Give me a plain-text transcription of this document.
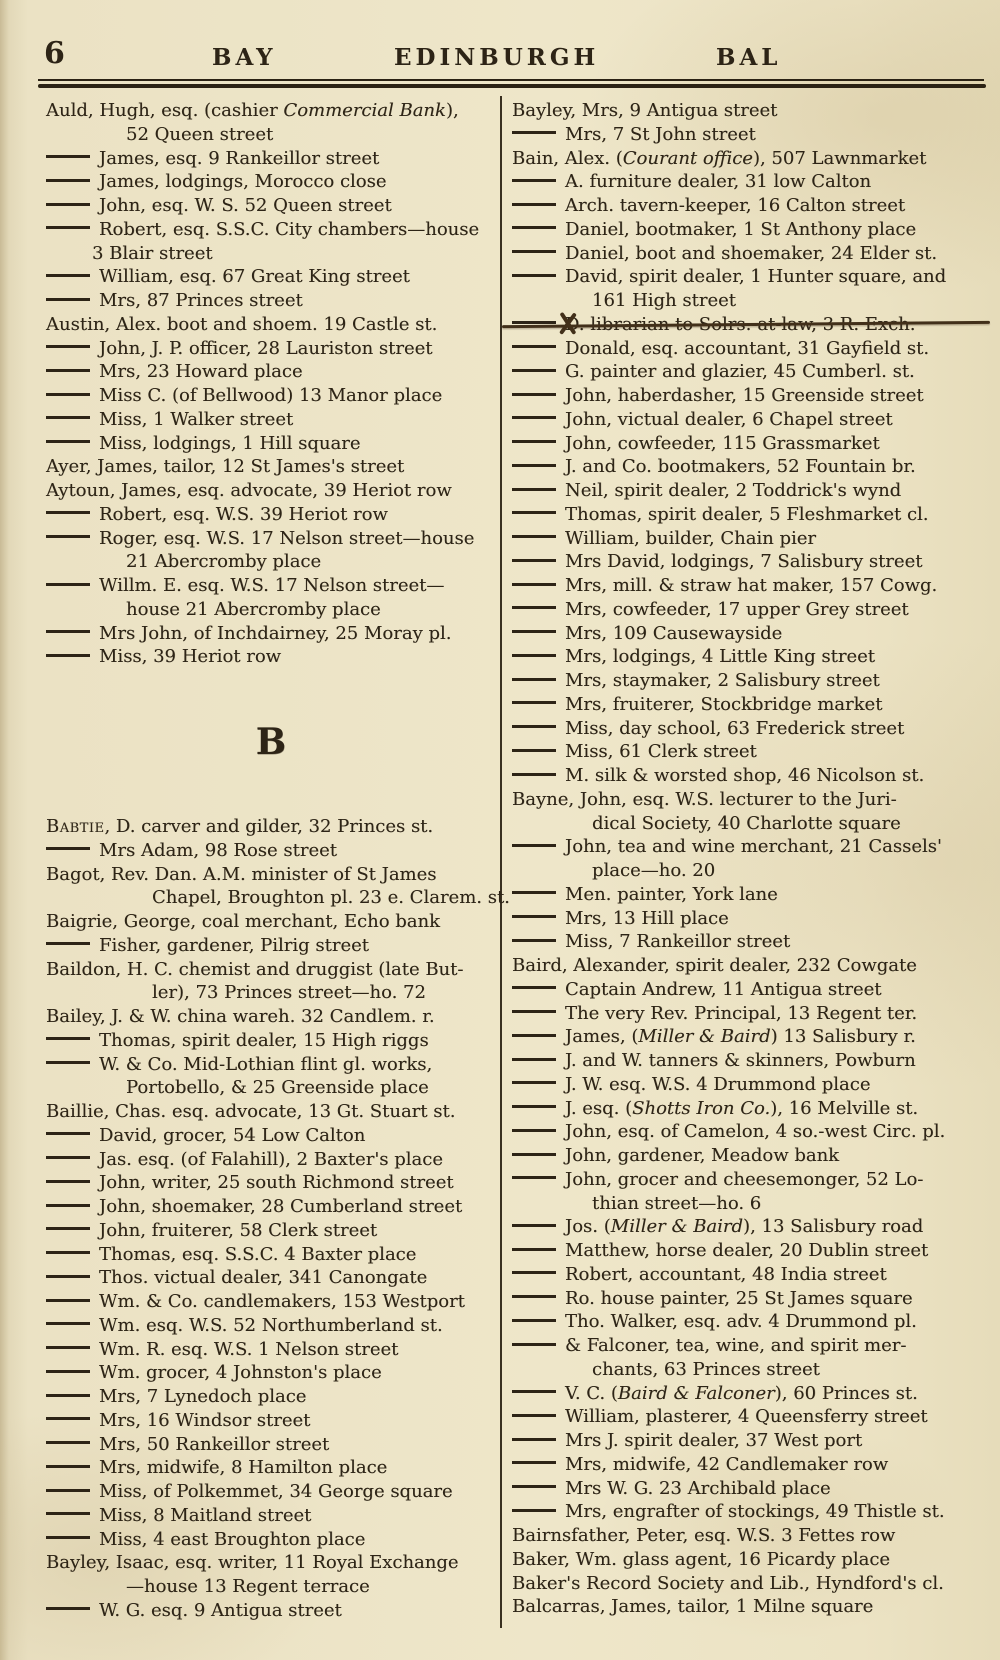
6	BAY	EDINBURGH	BAL
Auld, Hugh, esq. (cashier Commercial Bank),
52 Queen street
James, esq. 9 Rankeillor street
James, lodgings, Morocco close
John, esq. W. S. 52 Queen street
Robert, esq. S.S.C. City chambers—house
3 Blair street
William, esq. 67 Great King street
Mrs, 87 Princes street
Austin, Alex. boot and shoem. 19 Castle st.
John, J. P. officer, 28 Lauriston street
Mrs, 23 Howard place
Miss C. (of Bellwood) 13 Manor place
Miss, 1 Walker street
Miss, lodgings, 1 Hill square
Ayer, James, tailor, 12 St James's street
Aytoun, James, esq. advocate, 39 Heriot row
Robert, esq. W.S. 39 Heriot row
Roger, esq. W.S. 17 Nelson street—house
21 Abercromby place
Willm. E. esq. W.S. 17 Nelson street—
house 21 Abercromby place
Mrs John, of Inchdairney, 25 Moray pl.
Miss, 39 Heriot row
B
Babtie, D. carver and gilder, 32 Princes st.
Mrs Adam, 98 Rose street
Bagot, Rev. Dan. A.M. minister of St James
Chapel, Broughton pl. 23 e. Clarem. st.
Baigrie, George, coal merchant, Echo bank
Fisher, gardener, Pilrig street
Baildon, H. C. chemist and druggist (late But-
ler), 73 Princes street—ho. 72
Bailey, J. & W. china wareh. 32 Candlem. r.
Thomas, spirit dealer, 15 High riggs
W. & Co. Mid-Lothian flint gl. works,
Portobello, & 25 Greenside place
Baillie, Chas. esq. advocate, 13 Gt. Stuart st.
David, grocer, 54 Low Calton
Jas. esq. (of Falahill), 2 Baxter's place
John, writer, 25 south Richmond street
John, shoemaker, 28 Cumberland street
John, fruiterer, 58 Clerk street
Thomas, esq. S.S.C. 4 Baxter place
Thos. victual dealer, 341 Canongate
Wm. & Co. candlemakers, 153 Westport
Wm. esq. W.S. 52 Northumberland st.
Wm. R. esq. W.S. 1 Nelson street
Wm. grocer, 4 Johnston's place
Mrs, 7 Lynedoch place
Mrs, 16 Windsor street
Mrs, 50 Rankeillor street
Mrs, midwife, 8 Hamilton place
Miss, of Polkemmet, 34 George square
Miss, 8 Maitland street
Miss, 4 east Broughton place
Bayley, Isaac, esq. writer, 11 Royal Exchange
—house 13 Regent terrace
W. G. esq. 9 Antigua street
Bayley, Mrs, 9 Antigua street
Mrs, 7 St John street
Bain, Alex. (Courant office), 507 Lawnmarket
A. furniture dealer, 31 low Calton
Arch. tavern-keeper, 16 Calton street
Daniel, bootmaker, 1 St Anthony place
Daniel, boot and shoemaker, 24 Elder st.
David, spirit dealer, 1 Hunter square, and
161 High street
Donald, esq. accountant, 31 Gayfield st.
G. painter and glazier, 45 Cumberl. st.
John, haberdasher, 15 Greenside street
John, victual dealer, 6 Chapel street
John, cowfeeder, 115 Grassmarket
J. and Co. bootmakers, 52 Fountain br.
Neil, spirit dealer, 2 Toddrick's wynd
Thomas, spirit dealer, 5 Fleshmarket cl.
William, builder, Chain pier
Mrs David, lodgings, 7 Salisbury street
Mrs, mill. & straw hat maker, 157 Cowg.
Mrs, cowfeeder, 17 upper Grey street
Mrs, 109 Causewayside
Mrs, lodgings, 4 Little King street
Mrs, staymaker, 2 Salisbury street
Mrs, fruiterer, Stockbridge market
Miss, day school, 63 Frederick street
Miss, 61 Clerk street
M. silk & worsted shop, 46 Nicolson st.
Bayne, John, esq. W.S. lecturer to the Juri-
dical Society, 40 Charlotte square
John, tea and wine merchant, 21 Cassels'
place—ho. 20
Men. painter, York lane
Mrs, 13 Hill place
Miss, 7 Rankeillor street
Baird, Alexander, spirit dealer, 232 Cowgate
Captain Andrew, 11 Antigua street
The very Rev. Principal, 13 Regent ter.
James, (Miller & Baird) 13 Salisbury r.
J. and W. tanners & skinners, Powburn
J. W. esq. W.S. 4 Drummond place
J. esq. (Shotts Iron Co.), 16 Melville st.
John, esq. of Camelon, 4 so.-west Circ. pl.
John, gardener, Meadow bank
John, grocer and cheesemonger, 52 Lo-
thian street—ho. 6
Jos. (Miller & Baird), 13 Salisbury road
Matthew, horse dealer, 20 Dublin street
Robert, accountant, 48 India street
Ro. house painter, 25 St James square
Tho. Walker, esq. adv. 4 Drummond pl.
& Falconer, tea, wine, and spirit mer-
chants, 63 Princes street
V. C. (Baird & Falconer), 60 Princes st.
William, plasterer, 4 Queensferry street
Mrs J. spirit dealer, 37 West port
Mrs, midwife, 42 Candlemaker row
Mrs W. G. 23 Archibald place
Mrs, engrafter of stockings, 49 Thistle st.
Bairnsfather, Peter, esq. W.S. 3 Fettes row
Baker, Wm. glass agent, 16 Picardy place
Baker's Record Society and Lib., Hyndford's cl.
Balcarras, James, tailor, 1 Milne square
